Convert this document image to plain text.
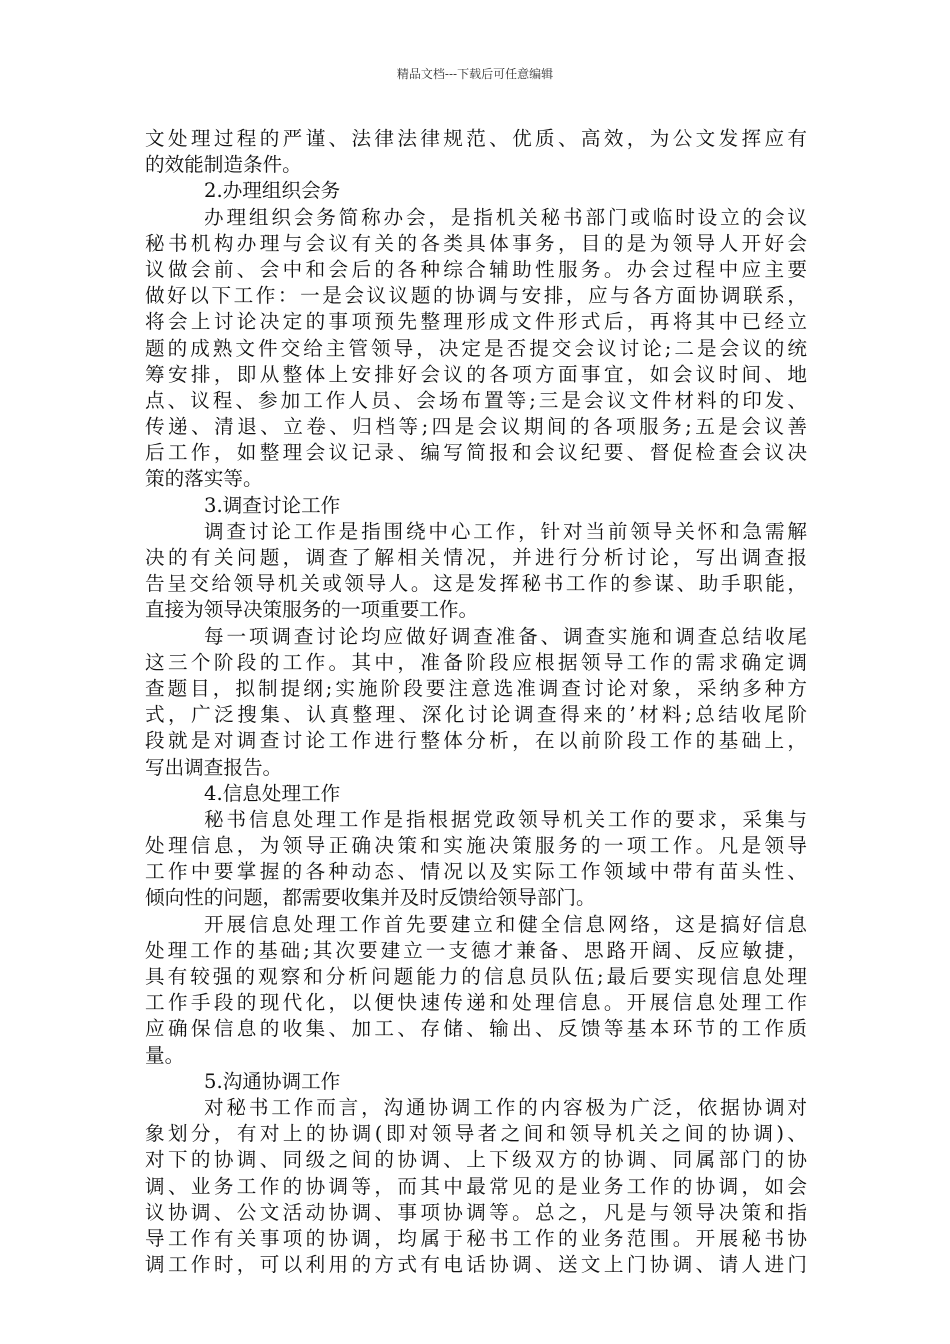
精品文档---下载后可任意编辑
文处理过程的严谨、法律法律规范、优质、高效，为公文发挥应有
的效能制造条件。
2.办理组织会务
办理组织会务简称办会，是指机关秘书部门或临时设立的会议
秘书机构办理与会议有关的各类具体事务，目的是为领导人开好会
议做会前、会中和会后的各种综合辅助性服务。办会过程中应主要
做好以下工作：一是会议议题的协调与安排，应与各方面协调联系，
将会上讨论决定的事项预先整理形成文件形式后，再将其中已经立
题的成熟文件交给主管领导，决定是否提交会议讨论;二是会议的统
筹安排，即从整体上安排好会议的各项方面事宜，如会议时间、地
点、议程、参加工作人员、会场布置等;三是会议文件材料的印发、
传递、清退、立卷、归档等;四是会议期间的各项服务;五是会议善
后工作，如整理会议记录、编写简报和会议纪要、督促检查会议决
策的落实等。
3.调查讨论工作
调查讨论工作是指围绕中心工作，针对当前领导关怀和急需解
决的有关问题，调查了解相关情况，并进行分析讨论，写出调查报
告呈交给领导机关或领导人。这是发挥秘书工作的参谋、助手职能，
直接为领导决策服务的一项重要工作。
每一项调查讨论均应做好调查准备、调查实施和调查总结收尾
这三个阶段的工作。其中，准备阶段应根据领导工作的需求确定调
查题目，拟制提纲;实施阶段要注意选准调查讨论对象，采纳多种方
式，广泛搜集、认真整理、深化讨论调查得来的’材料;总结收尾阶
段就是对调查讨论工作进行整体分析，在以前阶段工作的基础上，
写出调查报告。
4.信息处理工作
秘书信息处理工作是指根据党政领导机关工作的要求，采集与
处理信息，为领导正确决策和实施决策服务的一项工作。凡是领导
工作中要掌握的各种动态、情况以及实际工作领域中带有苗头性、
倾向性的问题，都需要收集并及时反馈给领导部门。
开展信息处理工作首先要建立和健全信息网络，这是搞好信息
处理工作的基础;其次要建立一支德才兼备、思路开阔、反应敏捷，
具有较强的观察和分析问题能力的信息员队伍;最后要实现信息处理
工作手段的现代化，以便快速传递和处理信息。开展信息处理工作
应确保信息的收集、加工、存储、输出、反馈等基本环节的工作质
量。
5.沟通协调工作
对秘书工作而言，沟通协调工作的内容极为广泛，依据协调对
象划分，有对上的协调(即对领导者之间和领导机关之间的协调)、
对下的协调、同级之间的协调、上下级双方的协调、同属部门的协
调、业务工作的协调等，而其中最常见的是业务工作的协调，如会
议协调、公文活动协调、事项协调等。总之，凡是与领导决策和指
导工作有关事项的协调，均属于秘书工作的业务范围。开展秘书协
调工作时，可以利用的方式有电话协调、送文上门协调、请人进门
